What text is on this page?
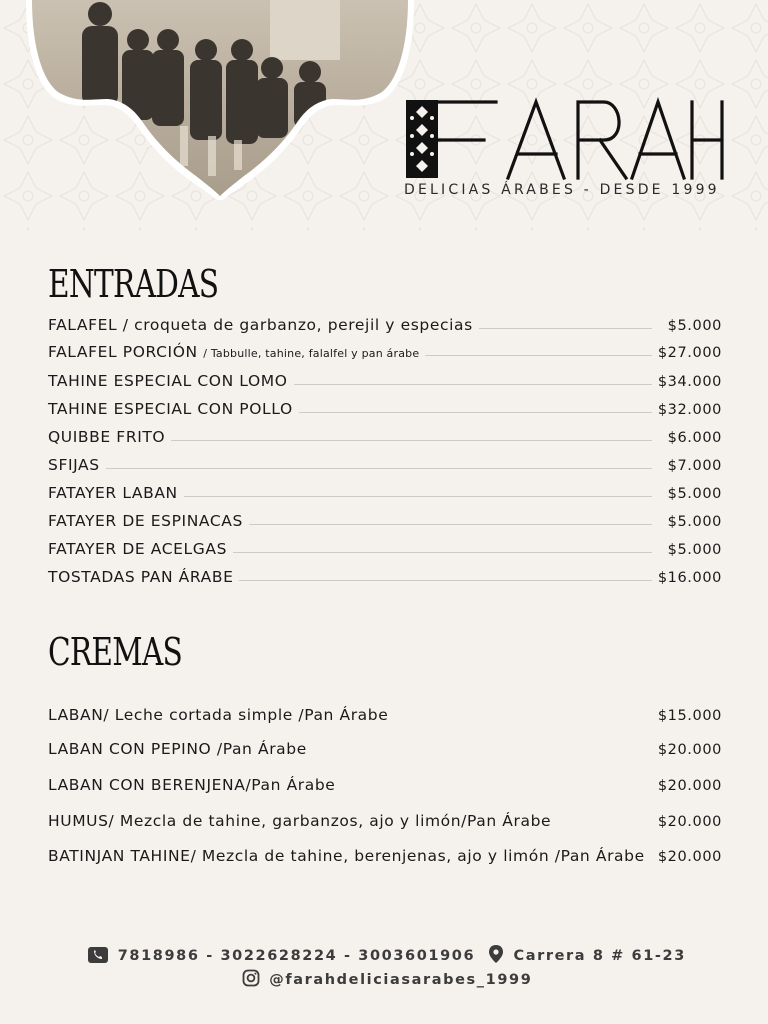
DELICIAS ÁRABES - DESDE 1999
ENTRADAS
FALAFEL / croqueta de garbanzo, perejil y especias	$5.000
FALAFEL PORCIÓN / Tabbulle, tahine, falalfel y pan árabe	$27.000
TAHINE ESPECIAL CON LOMO	$34.000
TAHINE ESPECIAL CON POLLO	$32.000
QUIBBE FRITO	$6.000
SFIJAS	$7.000
FATAYER LABAN	$5.000
FATAYER DE ESPINACAS	$5.000
FATAYER DE ACELGAS	$5.000
TOSTADAS PAN ÁRABE	$16.000
CREMAS
LABAN/ Leche cortada simple /Pan Árabe	$15.000
LABAN CON PEPINO /Pan Árabe	$20.000
LABAN CON BERENJENA/Pan Árabe	$20.000
HUMUS/ Mezcla de tahine, garbanzos, ajo y limón/Pan Árabe	$20.000
BATINJAN TAHINE/ Mezcla de tahine, berenjenas, ajo y limón /Pan Árabe $20.000
7818986 - 3022628224 - 3003601906	Carrera 8 # 61-23
@farahdeliciasarabes_1999
